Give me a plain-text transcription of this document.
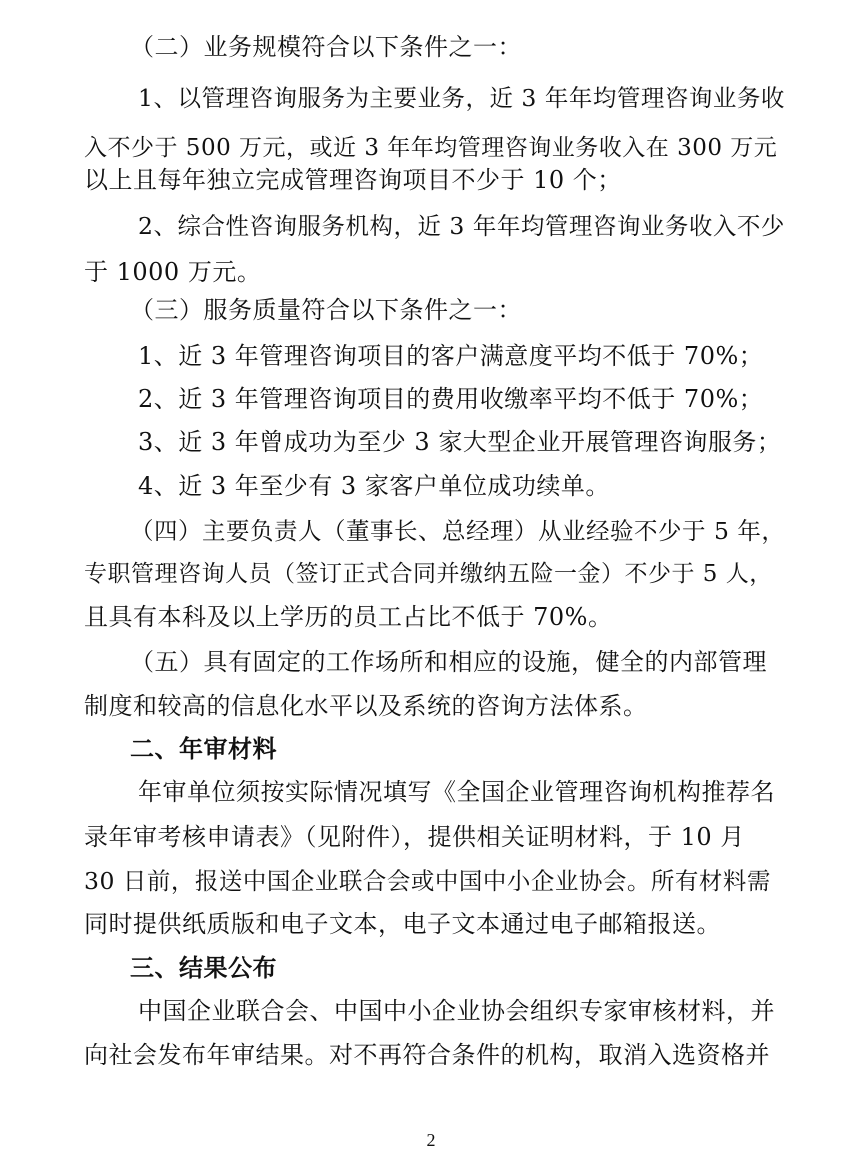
（二）业务规模符合以下条件之一：
1、以管理咨询服务为主要业务，近 3 年年均管理咨询业务收
入不少于 500 万元，或近 3 年年均管理咨询业务收入在 300 万元
以上且每年独立完成管理咨询项目不少于 10 个；
2、综合性咨询服务机构，近 3 年年均管理咨询业务收入不少
于 1000 万元。
（三）服务质量符合以下条件之一：
1、近 3 年管理咨询项目的客户满意度平均不低于 70%；
2、近 3 年管理咨询项目的费用收缴率平均不低于 70%；
3、近 3 年曾成功为至少 3 家大型企业开展管理咨询服务；
4、近 3 年至少有 3 家客户单位成功续单。
（四）主要负责人（董事长、总经理）从业经验不少于 5 年，
专职管理咨询人员（签订正式合同并缴纳五险一金）不少于 5 人，
且具有本科及以上学历的员工占比不低于 70%。
（五）具有固定的工作场所和相应的设施，健全的内部管理
制度和较高的信息化水平以及系统的咨询方法体系。
二、年审材料
年审单位须按实际情况填写《全国企业管理咨询机构推荐名
录年审考核申请表》（见附件），提供相关证明材料，于 10 月
30 日前，报送中国企业联合会或中国中小企业协会。所有材料需
同时提供纸质版和电子文本，电子文本通过电子邮箱报送。
三、结果公布
中国企业联合会、中国中小企业协会组织专家审核材料，并
向社会发布年审结果。对不再符合条件的机构，取消入选资格并
2
